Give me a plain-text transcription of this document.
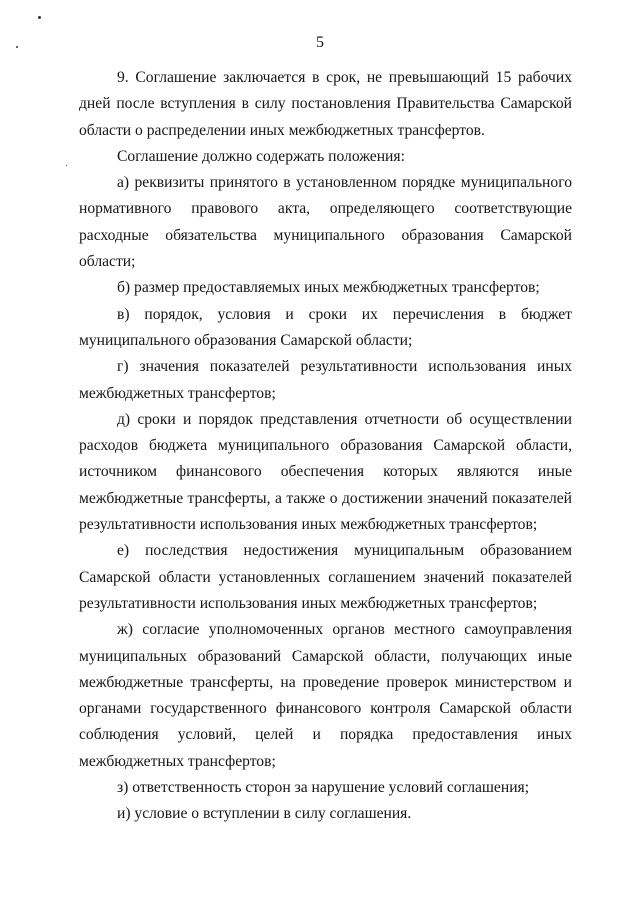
5
9. Соглашение заключается в срок, не превышающий 15 рабочих
дней после вступления в силу постановления Правительства Самарской
области о распределении иных межбюджетных трансфертов.
Соглашение должно содержать положения:
а) реквизиты принятого в установленном порядке муниципального
нормативного правового акта, определяющего соответствующие
расходные обязательства муниципального образования Самарской
области;
б) размер предоставляемых иных межбюджетных трансфертов;
в) порядок, условия и сроки их перечисления в бюджет
муниципального образования Самарской области;
г) значения показателей результативности использования иных
межбюджетных трансфертов;
д) сроки и порядок представления отчетности об осуществлении
расходов бюджета муниципального образования Самарской области,
источником финансового обеспечения которых являются иные
межбюджетные трансферты, а также о достижении значений показателей
результативности использования иных межбюджетных трансфертов;
е) последствия недостижения муниципальным образованием
Самарской области установленных соглашением значений показателей
результативности использования иных межбюджетных трансфертов;
ж) согласие уполномоченных органов местного самоуправления
муниципальных образований Самарской области, получающих иные
межбюджетные трансферты, на проведение проверок министерством и
органами государственного финансового контроля Самарской области
соблюдения условий, целей и порядка предоставления иных
межбюджетных трансфертов;
з) ответственность сторон за нарушение условий соглашения;
и) условие о вступлении в силу соглашения.
